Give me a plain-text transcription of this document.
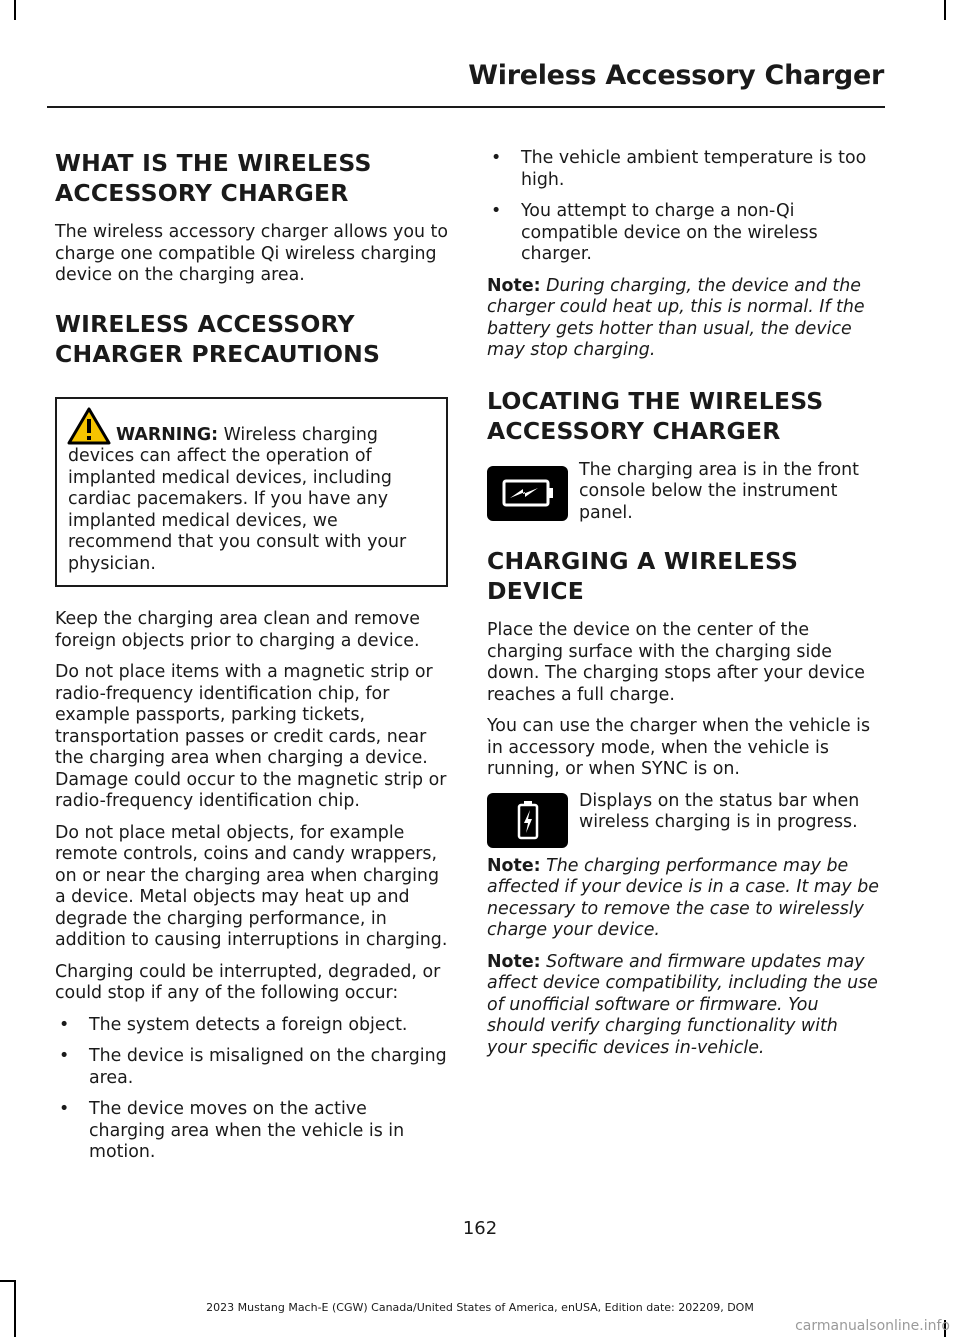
Wireless Accessory Charger
WHAT IS THE WIRELESS ACCESSORY CHARGER

The wireless accessory charger allows you to charge one compatible Qi wireless charging device on the charging area.

WIRELESS ACCESSORY CHARGER PRECAUTIONS
WARNING: Wireless charging devices can affect the operation of implanted medical devices, including cardiac pacemakers. If you have any implanted medical devices, we recommend that you consult with your physician.

Keep the charging area clean and remove foreign objects prior to charging a device.

Do not place items with a magnetic strip or radio-frequency identification chip, for example passports, parking tickets, transportation passes or credit cards, near the charging area when charging a device. Damage could occur to the magnetic strip or radio-frequency identification chip.

Do not place metal objects, for example remote controls, coins and candy wrappers, on or near the charging area when charging a device. Metal objects may heat up and degrade the charging performance, in addition to causing interruptions in charging.

Charging could be interrupted, degraded, or could stop if any of the following occur:

• The system detects a foreign object.
• The device is misaligned on the charging area.
• The device moves on the active charging area when the vehicle is in motion.
• The vehicle ambient temperature is too high.
• You attempt to charge a non-Qi compatible device on the wireless charger.

Note: During charging, the device and the charger could heat up, this is normal. If the battery gets hotter than usual, the device may stop charging.

LOCATING THE WIRELESS ACCESSORY CHARGER

The charging area is in the front console below the instrument panel.

CHARGING A WIRELESS DEVICE

Place the device on the center of the charging surface with the charging side down. The charging stops after your device reaches a full charge.

You can use the charger when the vehicle is in accessory mode, when the vehicle is running, or when SYNC is on.

Displays on the status bar when wireless charging is in progress.

Note: The charging performance may be affected if your device is in a case. It may be necessary to remove the case to wirelessly charge your device.

Note: Software and firmware updates may affect device compatibility, including the use of unofficial software or firmware. You should verify charging functionality with your specific devices in-vehicle.

162
2023 Mustang Mach-E (CGW) Canada/United States of America, enUSA, Edition date: 202209, DOM
carmanualsonline.info
